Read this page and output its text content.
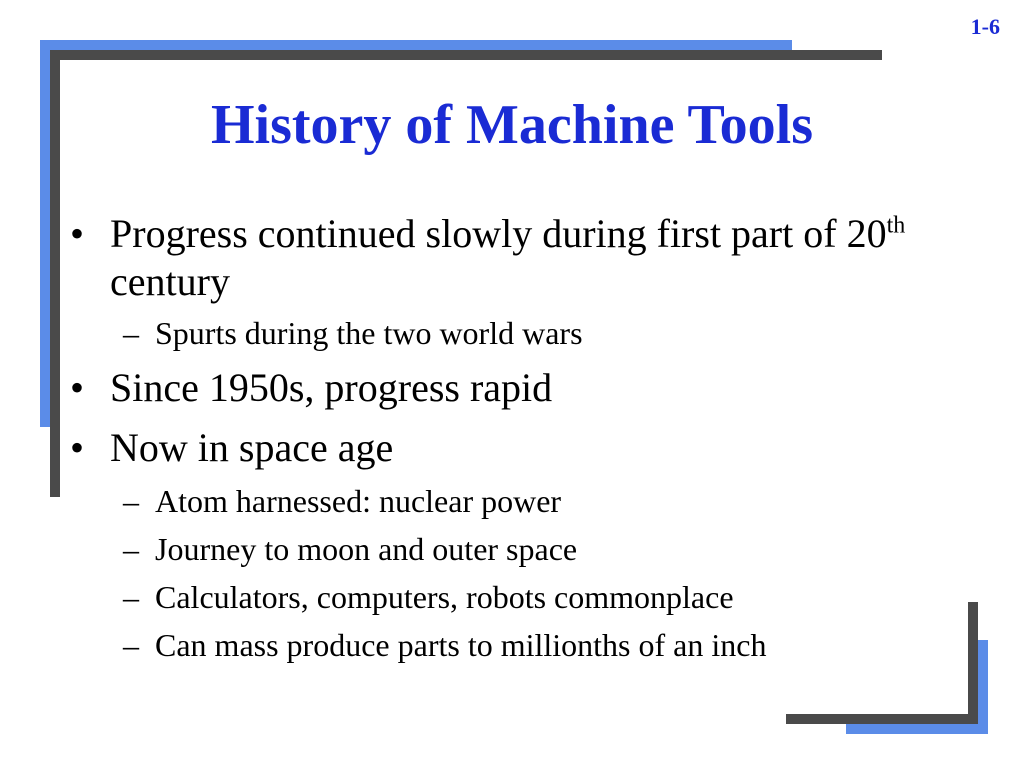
1-6
History of Machine Tools

• Progress continued slowly during first part of 20th century

– Spurts during the two world wars

• Since 1950s, progress rapid

• Now in space age

– Atom harnessed: nuclear power

– Journey to moon and outer space

– Calculators, computers, robots commonplace

– Can mass produce parts to millionths of an inch
